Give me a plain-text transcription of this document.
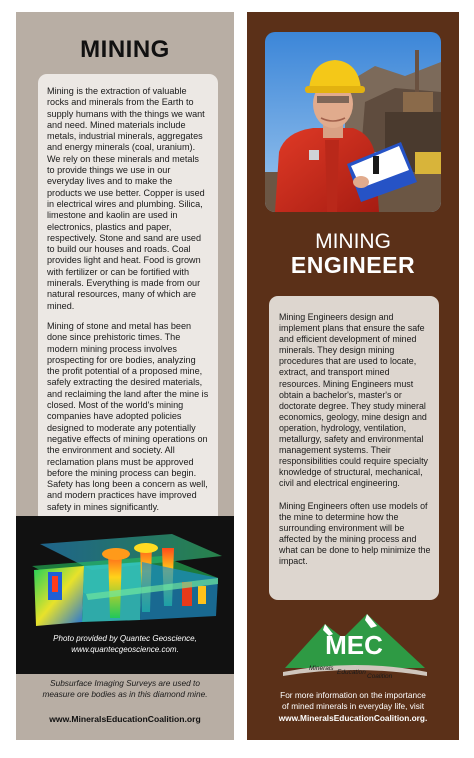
MINING

Mining is the extraction of valuable rocks and minerals from the Earth to supply humans with the things we want and need. Mined materials include metals, industrial minerals, aggregates and energy minerals (coal, uranium). We rely on these minerals and metals to provide things we use in our everyday lives and to make the products we use better. Copper is used in electrical wires and plumbing. Silica, limestone and kaolin are used in electronics, plastics and paper, respectively. Stone and sand are used to build our houses and roads. Coal provides light and heat. Food is grown with fertilizer or can be fortified with minerals. Everything is made from our natural resources, many of which are mined.

Mining of stone and metal has been done since prehistoric times. The modern mining process involves prospecting for ore bodies, analyzing the profit potential of a proposed mine, safely extracting the desired materials, and reclaiming the land after the mine is closed. Most of the world's mining companies have adopted policies designed to moderate any potentially negative effects of mining operations on the environment and society. All reclamation plans must be approved before the mining process can begin. Safety has long been a concern as well, and modern practices have improved safety in mines significantly.

Photo provided by Quantec Geoscience,
www.quantecgeoscience.com.
Subsurface Imaging Surveys are used to
measure ore bodies as in this diamond mine.
www.MineralsEducationCoalition.org
MINING
ENGINEER

Mining Engineers design and implement plans that ensure the safe and efficient development of mined minerals. They design mining procedures that are used to locate, extract, and transport mined resources. Mining Engineers must obtain a bachelor's, master's or doctorate degree. They study mineral economics, geology, mine design and operation, hydrology, ventilation, metallurgy, safety and environmental management systems. Their responsibilities could require specialty knowledge of structural, mechanical, civil and electrical engineering.

Mining Engineers often use models of the mine to determine how the surrounding environment will be affected by the mining process and what can be done to help minimize the impact.

MEC
Minerals
Education
Coalition
For more information on the importance
of mined minerals in everyday life, visit
www.MineralsEducationCoalition.org.
